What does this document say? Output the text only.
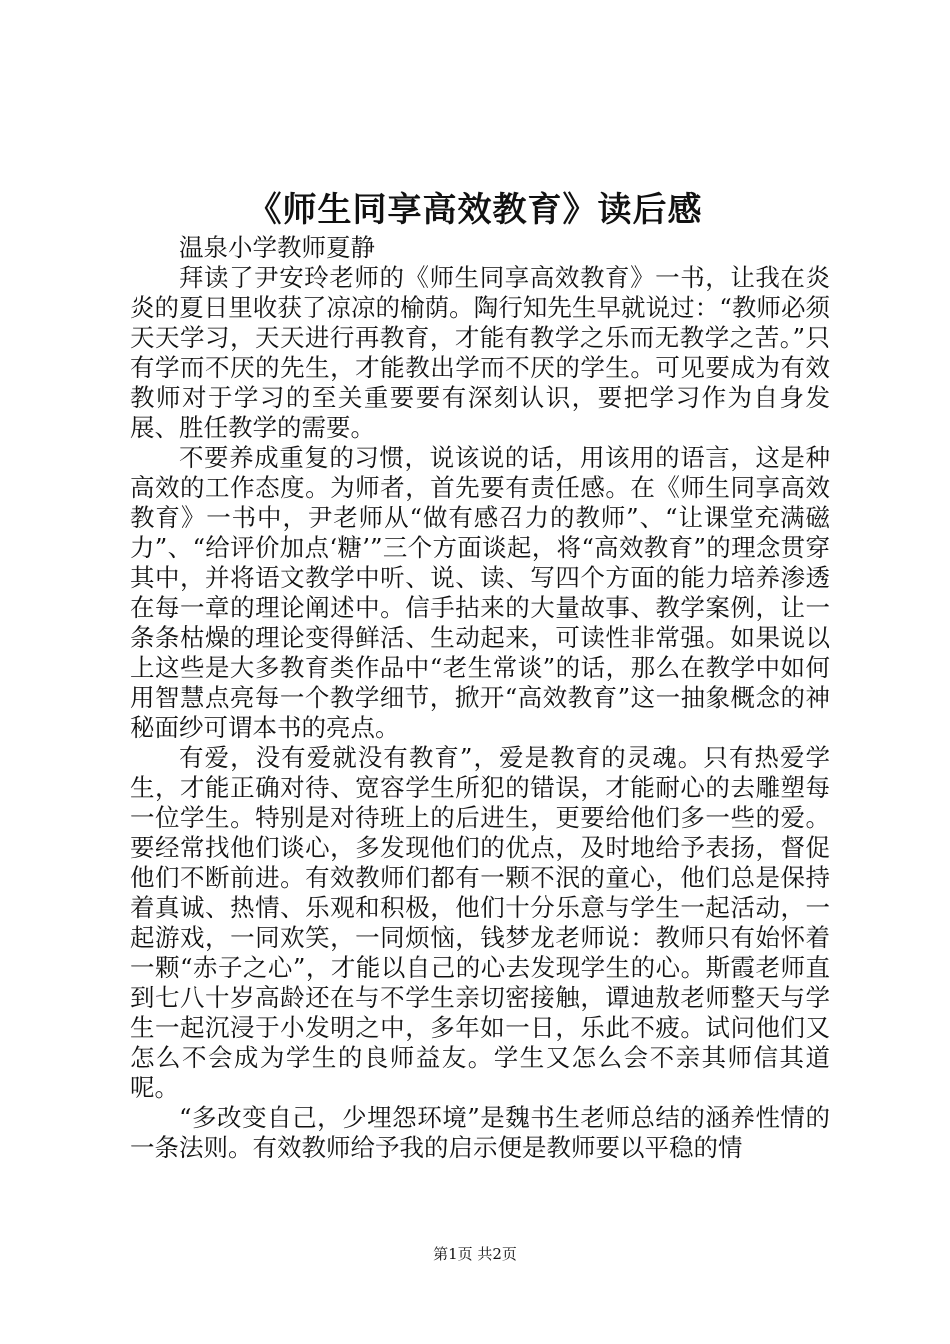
《师生同享高效教育》读后感

温泉小学教师夏静

拜读了尹安玲老师的《师生同享高效教育》一书，让我在炎炎的夏日里收获了凉凉的榆荫。陶行知先生早就说过：“教师必须天天学习，天天进行再教育，才能有教学之乐而无教学之苦。”只有学而不厌的先生，才能教出学而不厌的学生。可见要成为有效教师对于学习的至关重要要有深刻认识，要把学习作为自身发展、胜任教学的需要。

不要养成重复的习惯，说该说的话，用该用的语言，这是种高效的工作态度。为师者，首先要有责任感。在《师生同享高效教育》一书中，尹老师从“做有感召力的教师”、“让课堂充满磁力”、“给评价加点‘糖’”三个方面谈起，将“高效教育”的理念贯穿其中，并将语文教学中听、说、读、写四个方面的能力培养渗透在每一章的理论阐述中。信手拈来的大量故事、教学案例，让一条条枯燥的理论变得鲜活、生动起来，可读性非常强。如果说以上这些是大多教育类作品中“老生常谈”的话，那么在教学中如何用智慧点亮每一个教学细节，掀开“高效教育”这一抽象概念的神秘面纱可谓本书的亮点。

有爱，没有爱就没有教育”，爱是教育的灵魂。只有热爱学生，才能正确对待、宽容学生所犯的错误，才能耐心的去雕塑每一位学生。特别是对待班上的后进生，更要给他们多一些的爱。要经常找他们谈心，多发现他们的优点，及时地给予表扬，督促他们不断前进。有效教师们都有一颗不泯的童心，他们总是保持着真诚、热情、乐观和积极，他们十分乐意与学生一起活动，一起游戏，一同欢笑，一同烦恼，钱梦龙老师说：教师只有始怀着一颗“赤子之心”，才能以自己的心去发现学生的心。斯霞老师直到七八十岁高龄还在与不学生亲切密接触，谭迪敖老师整天与学生一起沉浸于小发明之中，多年如一日，乐此不疲。试问他们又怎么不会成为学生的良师益友。学生又怎么会不亲其师信其道呢。

“多改变自己，少埋怨环境”是魏书生老师总结的涵养性情的一条法则。有效教师给予我的启示便是教师要以平稳的情

第1页 共2页
